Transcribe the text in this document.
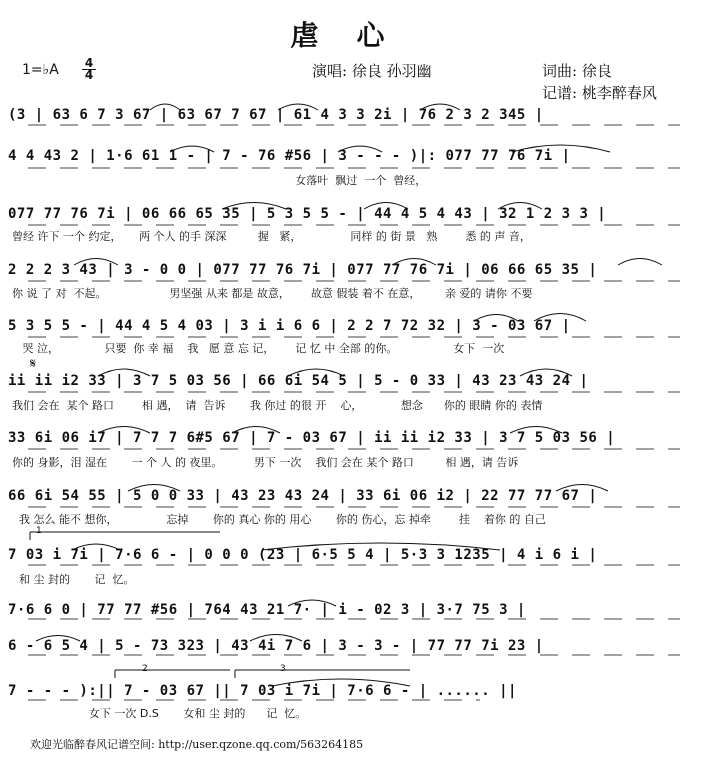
虐心
1=♭A 4
4	演唱: 徐良 孙羽幽	词曲: 徐良
记谱: 桃李醉春风
(3 | 63 6 7 3 67 | 63 67 7 67 | 61 4 3 3 2i | 76 2 3 2 345 |
4 4 43 2 | 1·6 61 1 - | 7 - 76 #56 | 3 - - - )|: 077 77 76 7i |
女落叶  飘过  一个  曾经，
077 77 76 7i | 06 66 65 35 | 5 3 5 5 - | 44 4 5 4 43 | 32 1 2 3 3 |
曾经 许下 一个 约定，     两 个人 的手 深深         握   紧，              同样 的 街 景   熟        悉 的 声 音，
2 2 2 3 43 | 3 - 0 0 | 077 77 76 7i | 077 77 76 7i | 06 66 65 35 |
你 说 了 对  不起。                  男坚强 从来 都是 故意，      故意 假装 着不 在意，       亲 爱的 请你 不要
5 3 5 5 - | 44 4 5 4 03 | 3 i i 6 6 | 2 2 7 72 32 | 3 - 03 67 |
哭 泣，             只要  你 幸 福    我   愿 意 忘 记，      记 忆 中 全部 的你。                女下  一次
𝄋
ii ii i2 33 | 3 7 5 03 56 | 66 6i 54 5 | 5 - 0 33 | 43 23 43 24 |
我们 会在  某个 路口        相 遇，  请  告诉       我 你过 的很 开    心，           想念      你的 眼睛 你的 表情
33 6i 06 i7 | 7 7 7 6#5 67 | 7 - 03 67 | ii ii i2 33 | 3 7 5 03 56 |
你的 身影，泪 湿在       一 个 人 的 夜里。         男下 一次    我们 会在 某个 路口         相 遇，请 告诉
66 6i 54 55 | 5 0 0 33 | 43 23 43 24 | 33 6i 06 i2 | 22 77 77 67 |
我 怎么 能不 想你，              忘掉       你的 真心 你的 用心       你的 伤心，忘 掉牵        挂    着你 的 自己
1
7 03 i 7i | 7·6 6 - | 0 0 0 (23 | 6·5 5 4 | 5·3 3 1235 | 4 i 6 i |
和 尘 封的       记  忆。
7·6 6 0 | 77 77 #56 | 764 43 21 7· | i - 02 3 | 3·7 75 3 |
6 - 6 5 4 | 5 - 73 323 | 43 4i 7 6 | 3 - 3 - | 77 77 7i 23 |
2	3
7 - - - ):|| 7 - 03 67 || 7 03 i 7i | 7·6 6 - | ...... ||
女下 一次 D.S       女和 尘 封的      记  忆。
欢迎光临醉春风记谱空间: http://user.qzone.qq.com/563264185
